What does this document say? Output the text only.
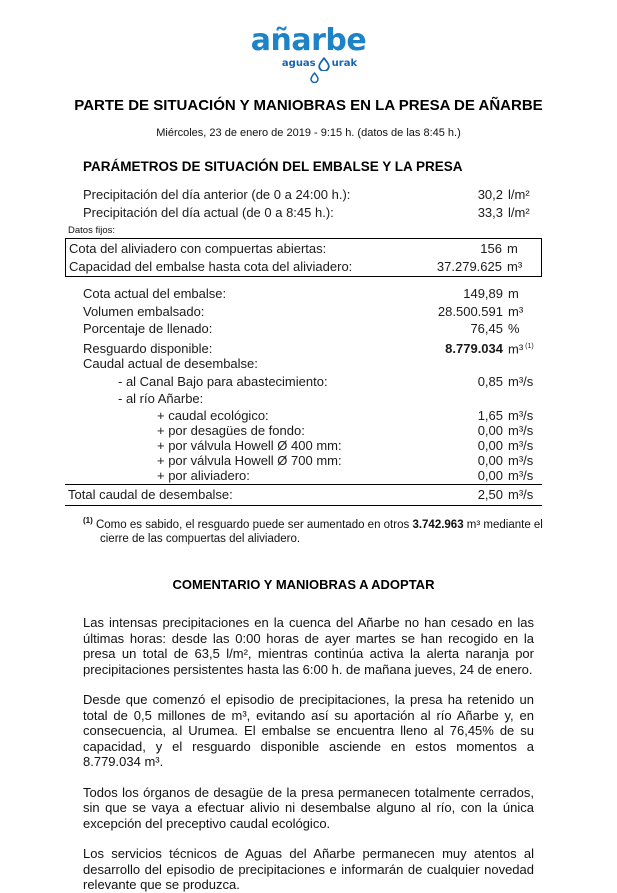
añarbe
aguas urak
PARTE DE SITUACIÓN Y MANIOBRAS EN LA PRESA DE AÑARBE
Miércoles, 23 de enero de 2019 - 9:15 h. (datos de las 8:45 h.)
PARÁMETROS DE SITUACIÓN DEL EMBALSE Y LA PRESA
Precipitación del día anterior (de 0 a 24:00 h.):	30,2 l/m²
Precipitación del día actual (de 0 a 8:45 h.):	33,3 l/m²
Datos fijos:
Cota del aliviadero con compuertas abiertas:	156 m
Capacidad del embalse hasta cota del aliviadero:	37.279.625 m³
Cota actual del embalse:	149,89 m
Volumen embalsado:	28.500.591 m³
Porcentaje de llenado:	76,45 %
Resguardo disponible:	8.779.034 m³ $^{(1)}$
Caudal actual de desembalse:
- al Canal Bajo para abastecimiento:	0,85 m³/s
- al río Añarbe:
+ caudal ecológico:	1,65 m³/s
+ por desagües de fondo:	0,00 m³/s
+ por válvula Howell Ø 400 mm:	0,00 m³/s
+ por válvula Howell Ø 700 mm:	0,00 m³/s
+ por aliviadero:	0,00 m³/s
Total caudal de desembalse:	2,50 m³/s
$^{(1)}$ Como es sabido, el resguardo puede ser aumentado en otros 3.742.963 m³ mediante el cierre de las compuertas del aliviadero.
COMENTARIO Y MANIOBRAS A ADOPTAR

Las intensas precipitaciones en la cuenca del Añarbe no han cesado en las últimas horas: desde las 0:00 horas de ayer martes se han recogido en la presa un total de 63,5 l/m², mientras continúa activa la alerta naranja por precipitaciones persistentes hasta las 6:00 h. de mañana jueves, 24 de enero.

Desde que comenzó el episodio de precipitaciones, la presa ha retenido un total de 0,5 millones de m³, evitando así su aportación al río Añarbe y, en consecuencia, al Urumea. El embalse se encuentra lleno al 76,45% de su capacidad, y el resguardo disponible asciende en estos momentos a 8.779.034 m³.

Todos los órganos de desagüe de la presa permanecen totalmente cerrados, sin que se vaya a efectuar alivio ni desembalse alguno al río, con la única excepción del preceptivo caudal ecológico.

Los servicios técnicos de Aguas del Añarbe permanecen muy atentos al desarrollo del episodio de precipitaciones e informarán de cualquier novedad relevante que se produzca.
